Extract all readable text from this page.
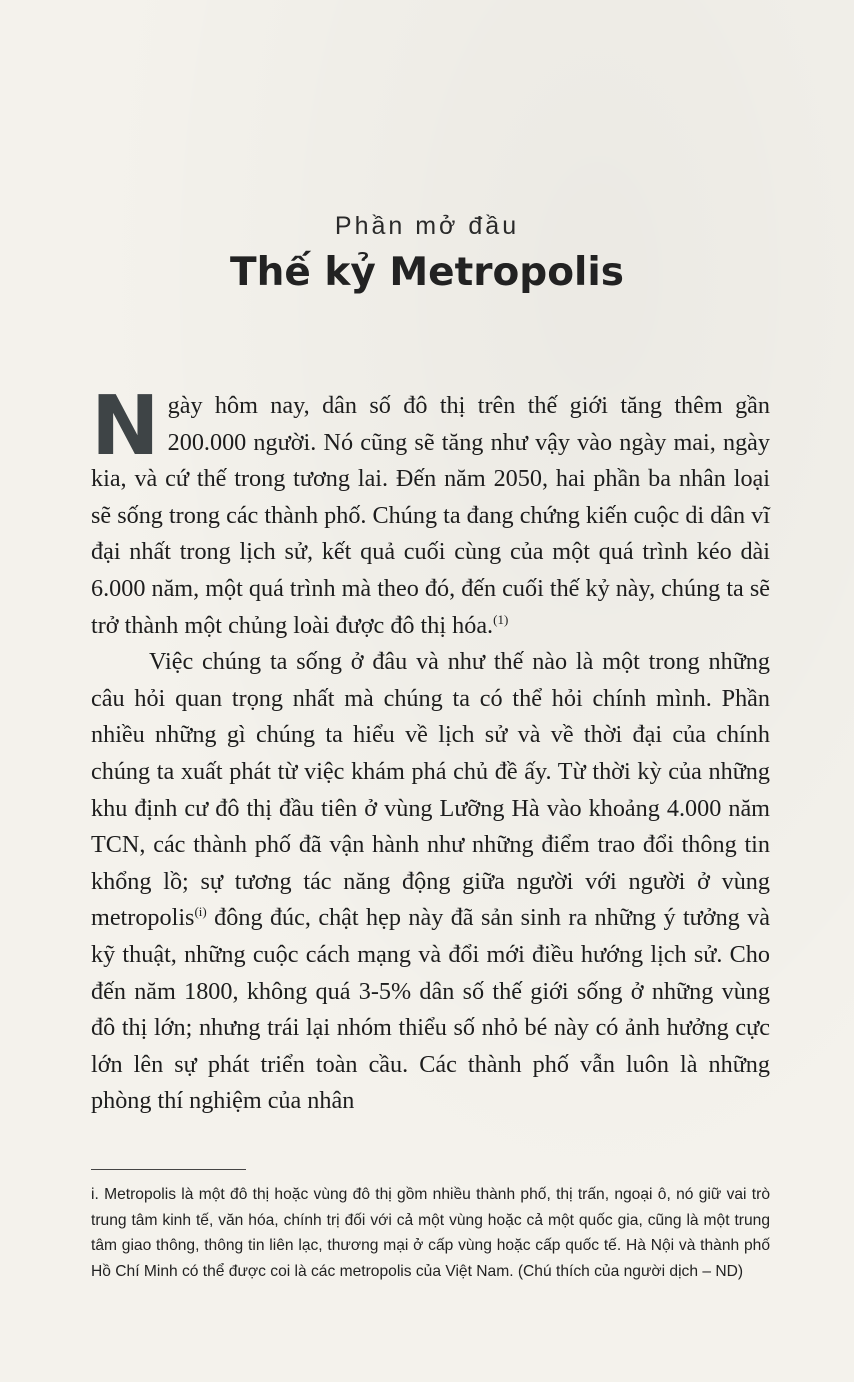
Phần mở đầu
Thế kỷ Metropolis

Ngày hôm nay, dân số đô thị trên thế giới tăng thêm gần 200.000 người. Nó cũng sẽ tăng như vậy vào ngày mai, ngày kia, và cứ thế trong tương lai. Đến năm 2050, hai phần ba nhân loại sẽ sống trong các thành phố. Chúng ta đang chứng kiến cuộc di dân vĩ đại nhất trong lịch sử, kết quả cuối cùng của một quá trình kéo dài 6.000 năm, một quá trình mà theo đó, đến cuối thế kỷ này, chúng ta sẽ trở thành một chủng loài được đô thị hóa.$^{(1)}$

Việc chúng ta sống ở đâu và như thế nào là một trong những câu hỏi quan trọng nhất mà chúng ta có thể hỏi chính mình. Phần nhiều những gì chúng ta hiểu về lịch sử và về thời đại của chính chúng ta xuất phát từ việc khám phá chủ đề ấy. Từ thời kỳ của những khu định cư đô thị đầu tiên ở vùng Lưỡng Hà vào khoảng 4.000 năm TCN, các thành phố đã vận hành như những điểm trao đổi thông tin khổng lồ; sự tương tác năng động giữa người với người ở vùng metropolis$^{(i)}$ đông đúc, chật hẹp này đã sản sinh ra những ý tưởng và kỹ thuật, những cuộc cách mạng và đổi mới điều hướng lịch sử. Cho đến năm 1800, không quá 3-5% dân số thế giới sống ở những vùng đô thị lớn; nhưng trái lại nhóm thiểu số nhỏ bé này có ảnh hưởng cực lớn lên sự phát triển toàn cầu. Các thành phố vẫn luôn là những phòng thí nghiệm của nhân

i. Metropolis là một đô thị hoặc vùng đô thị gồm nhiều thành phố, thị trấn, ngoại ô, nó giữ vai trò trung tâm kinh tế, văn hóa, chính trị đối với cả một vùng hoặc cả một quốc gia, cũng là một trung tâm giao thông, thông tin liên lạc, thương mại ở cấp vùng hoặc cấp quốc tế. Hà Nội và thành phố Hồ Chí Minh có thể được coi là các metropolis của Việt Nam. (Chú thích của người dịch – ND)
